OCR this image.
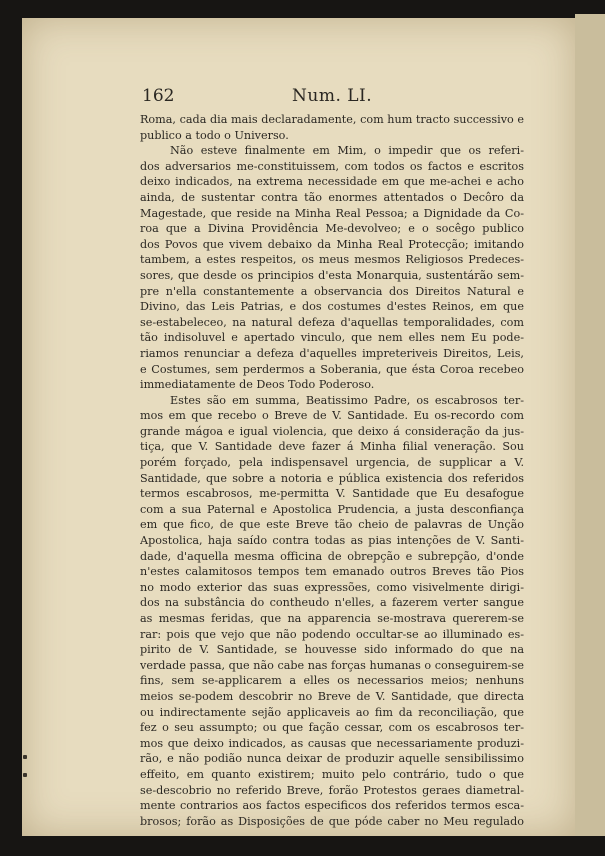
162	Num. LI.
Roma, cada dia mais declaradamente, com hum tracto successivo e
publico a todo o Universo.
Não esteve finalmente em Mim, o impedir que os referi-
dos adversarios me-constituissem, com todos os factos e escritos
deixo indicados, na extrema necessidade em que me-achei e acho
ainda, de sustentar contra tão enormes attentados o Decôro da
Magestade, que reside na Minha Real Pessoa; a Dignidade da Co-
roa que a Divina Providência Me-devolveo; e o socêgo publico
dos Povos que vivem debaixo da Minha Real Protecção; imitando
tambem, a estes respeitos, os meus mesmos Religiosos Predeces-
sores, que desde os principios d'esta Monarquia, sustentárão sem-
pre n'ella constantemente a observancia dos Direitos Natural e
Divino, das Leis Patrias, e dos costumes d'estes Reinos, em que
se-estabeleceo, na natural defeza d'aquellas temporalidades, com
tão indisoluvel e apertado vinculo, que nem elles nem Eu pode-
riamos renunciar a defeza d'aquelles impreteriveis Direitos, Leis,
e Costumes, sem perdermos a Soberania, que ésta Coroa recebeo
immediatamente de Deos Todo Poderoso.
Estes são em summa, Beatissimo Padre, os escabrosos ter-
mos em que recebo o Breve de V. Santidade. Eu os-recordo com
grande mágoa e igual violencia, que deixo á consideração da jus-
tiça, que V. Santidade deve fazer á Minha filial veneração. Sou
porém forçado, pela indispensavel urgencia, de supplicar a V.
Santidade, que sobre a notoria e pública existencia dos referidos
termos escabrosos, me-permitta V. Santidade que Eu desafogue
com a sua Paternal e Apostolica Prudencia, a justa desconfiança
em que fico, de que este Breve tão cheio de palavras de Unção
Apostolica, haja saído contra todas as pias intenções de V. Santi-
dade, d'aquella mesma officina de obrepção e subrepção, d'onde
n'estes calamitosos tempos tem emanado outros Breves tão Pios
no modo exterior das suas expressões, como visivelmente dirigi-
dos na substância do contheudo n'elles, a fazerem verter sangue
as mesmas feridas, que na apparencia se-mostrava quererem-se
rar: pois que vejo que não podendo occultar-se ao illuminado es-
pirito de V. Santidade, se houvesse sido informado do que na
verdade passa, que não cabe nas forças humanas o conseguirem-se
fins, sem se-applicarem a elles os necessarios meios; nenhuns
meios se-podem descobrir no Breve de V. Santidade, que directa
ou indirectamente sejão applicaveis ao fim da reconciliação, que
fez o seu assumpto; ou que fação cessar, com os escabrosos ter-
mos que deixo indicados, as causas que necessariamente produzi-
rão, e não podião nunca deixar de produzir aquelle sensibilissimo
effeito, em quanto existirem; muito pelo contrário, tudo o que
se-descobrio no referido Breve, forão Protestos geraes diametral-
mente contrarios aos factos especificos dos referidos termos esca-
brosos; forão as Disposições de que póde caber no Meu regulado
